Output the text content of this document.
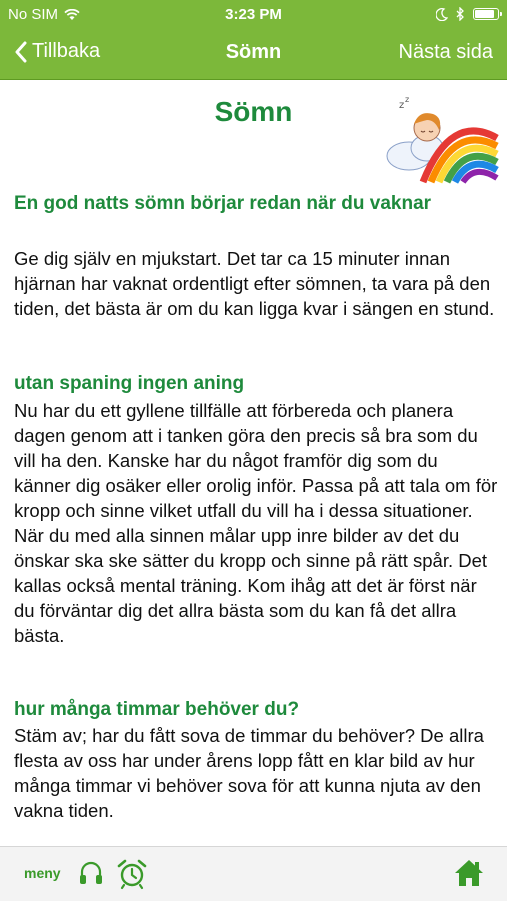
No SIM	3:23 PM
Tillbaka	Sömn	Nästa sida
Sömn	z
z
En god natts sömn börjar redan när du vaknar

Ge dig själv en mjukstart. Det tar ca 15 minuter innan hjärnan har vaknat ordentligt efter sömnen, ta vara på den tiden, det bästa är om du kan ligga kvar i sängen en stund.

utan spaning ingen aning

Nu har du ett gyllene tillfälle att förbereda och planera dagen genom att i tanken göra den precis så bra som du vill ha den. Kanske har du något framför dig som du känner dig osäker eller orolig inför. Passa på att tala om för kropp och sinne vilket utfall du vill ha i dessa situationer. När du med alla sinnen målar upp inre bilder av det du önskar ska ske sätter du kropp och sinne på rätt spår. Det kallas också mental träning. Kom ihåg att det är först när du förväntar dig det allra bästa som du kan få det allra bästa.

hur många timmar behöver du?

Stäm av; har du fått sova de timmar du behöver? De allra flesta av oss har under årens lopp fått en klar bild av hur många timmar vi behöver sova för att kunna njuta av den vakna tiden.

meny
